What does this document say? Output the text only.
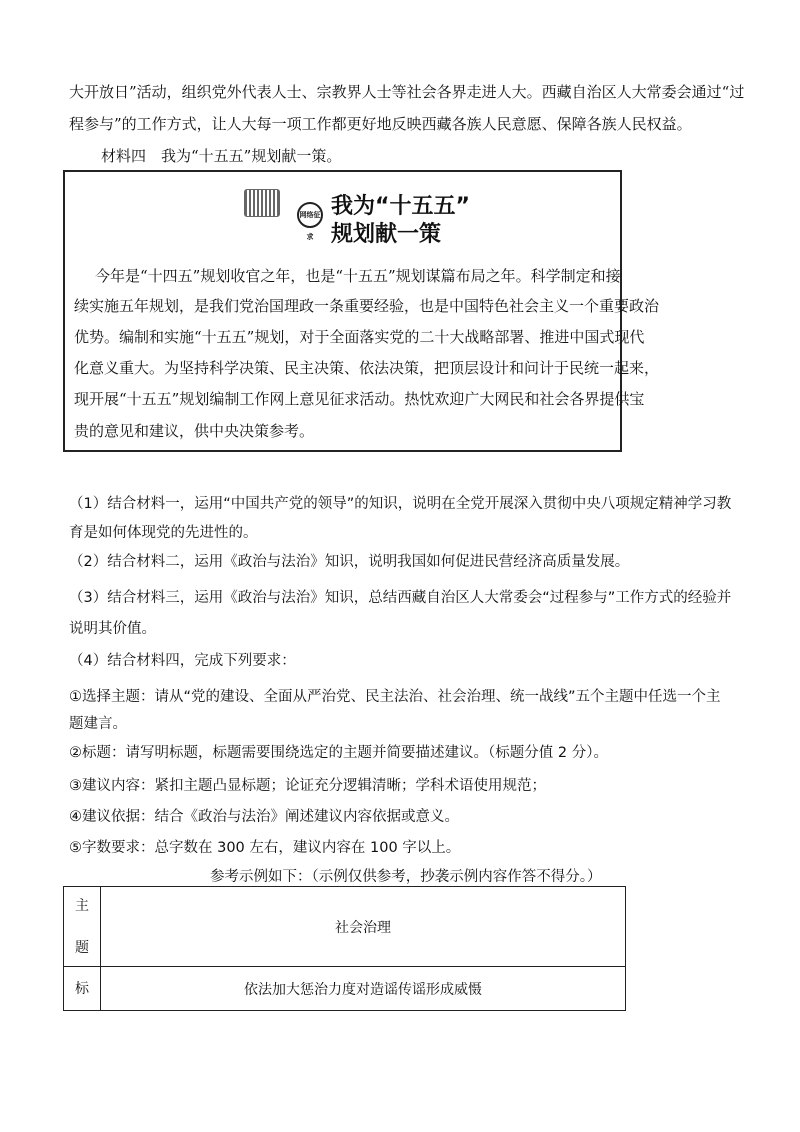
大开放日”活动，组织党外代表人士、宗教界人士等社会各界走进人大。西藏自治区人大常委会通过“过
程参与”的工作方式，让人大每一项工作都更好地反映西藏各族人民意愿、保障各族人民权益。
材料四　我为“十五五”规划献一策。
网络征求
我为“十五五”
规划献一策
今年是“十四五”规划收官之年，也是“十五五”规划谋篇布局之年。科学制定和接
续实施五年规划，是我们党治国理政一条重要经验，也是中国特色社会主义一个重要政治
优势。编制和实施“十五五”规划，对于全面落实党的二十大战略部署、推进中国式现代
化意义重大。为坚持科学决策、民主决策、依法决策，把顶层设计和问计于民统一起来，
现开展“十五五”规划编制工作网上意见征求活动。热忱欢迎广大网民和社会各界提供宝
贵的意见和建议，供中央决策参考。
（1）结合材料一，运用“中国共产党的领导”的知识，说明在全党开展深入贯彻中央八项规定精神学习教
育是如何体现党的先进性的。
（2）结合材料二，运用《政治与法治》知识，说明我国如何促进民营经济高质量发展。
（3）结合材料三，运用《政治与法治》知识，总结西藏自治区人大常委会“过程参与”工作方式的经验并
说明其价值。
（4）结合材料四，完成下列要求：
①选择主题：请从“党的建设、全面从严治党、民主法治、社会治理、统一战线”五个主题中任选一个主
题建言。
②标题：请写明标题，标题需要围绕选定的主题并简要描述建议。（标题分值 2 分）。
③建议内容：紧扣主题凸显标题；论证充分逻辑清晰；学科术语使用规范；
④建议依据：结合《政治与法治》阐述建议内容依据或意义。
⑤字数要求：总字数在 300 左右，建议内容在 100 字以上。
参考示例如下：（示例仅供参考，抄袭示例内容作答不得分。）
主
题	社会治理
标	依法加大惩治力度对造谣传谣形成威慑
